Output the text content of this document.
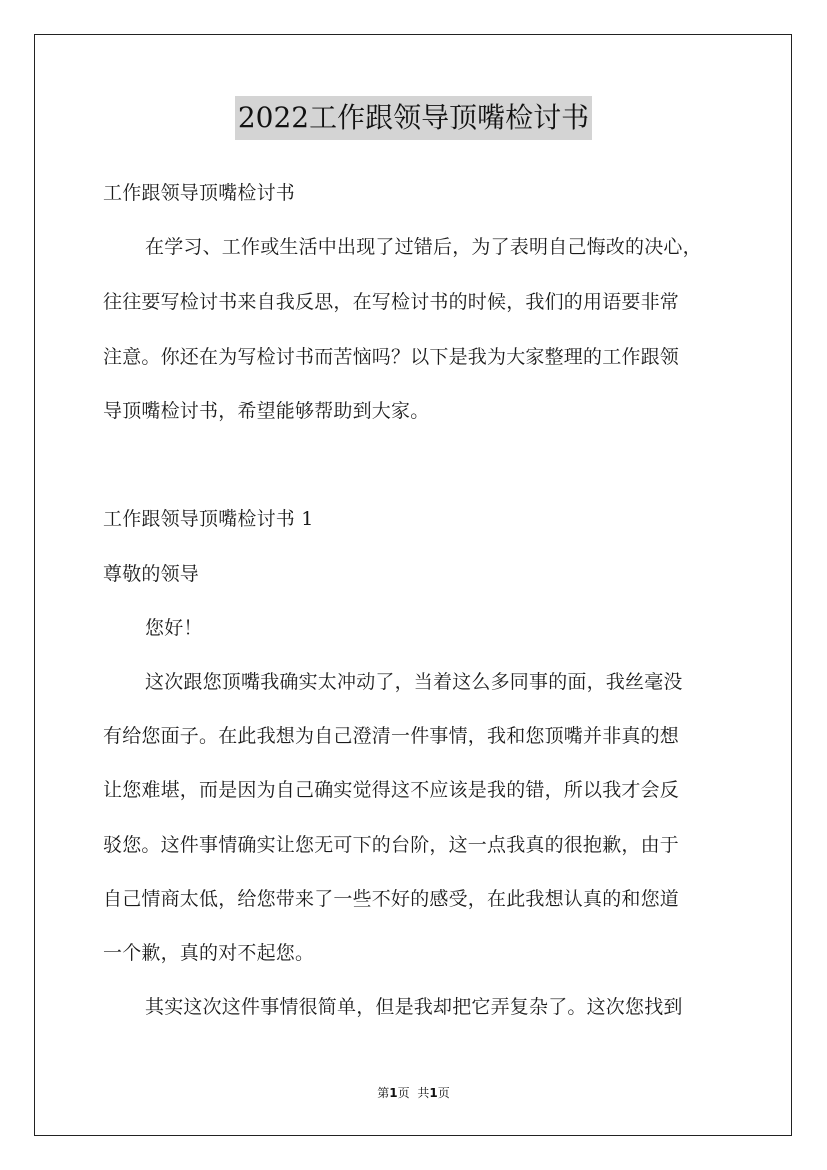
2022工作跟领导顶嘴检讨书
工作跟领导顶嘴检讨书
在学习、工作或生活中出现了过错后，为了表明自己悔改的决心，
往往要写检讨书来自我反思，在写检讨书的时候，我们的用语要非常
注意。你还在为写检讨书而苦恼吗？以下是我为大家整理的工作跟领
导顶嘴检讨书，希望能够帮助到大家。
工作跟领导顶嘴检讨书 1
尊敬的领导
您好！
这次跟您顶嘴我确实太冲动了，当着这么多同事的面，我丝毫没
有给您面子。在此我想为自己澄清一件事情，我和您顶嘴并非真的想
让您难堪，而是因为自己确实觉得这不应该是我的错，所以我才会反
驳您。这件事情确实让您无可下的台阶，这一点我真的很抱歉，由于
自己情商太低，给您带来了一些不好的感受，在此我想认真的和您道
一个歉，真的对不起您。
其实这次这件事情很简单，但是我却把它弄复杂了。这次您找到
第1页 共1页
